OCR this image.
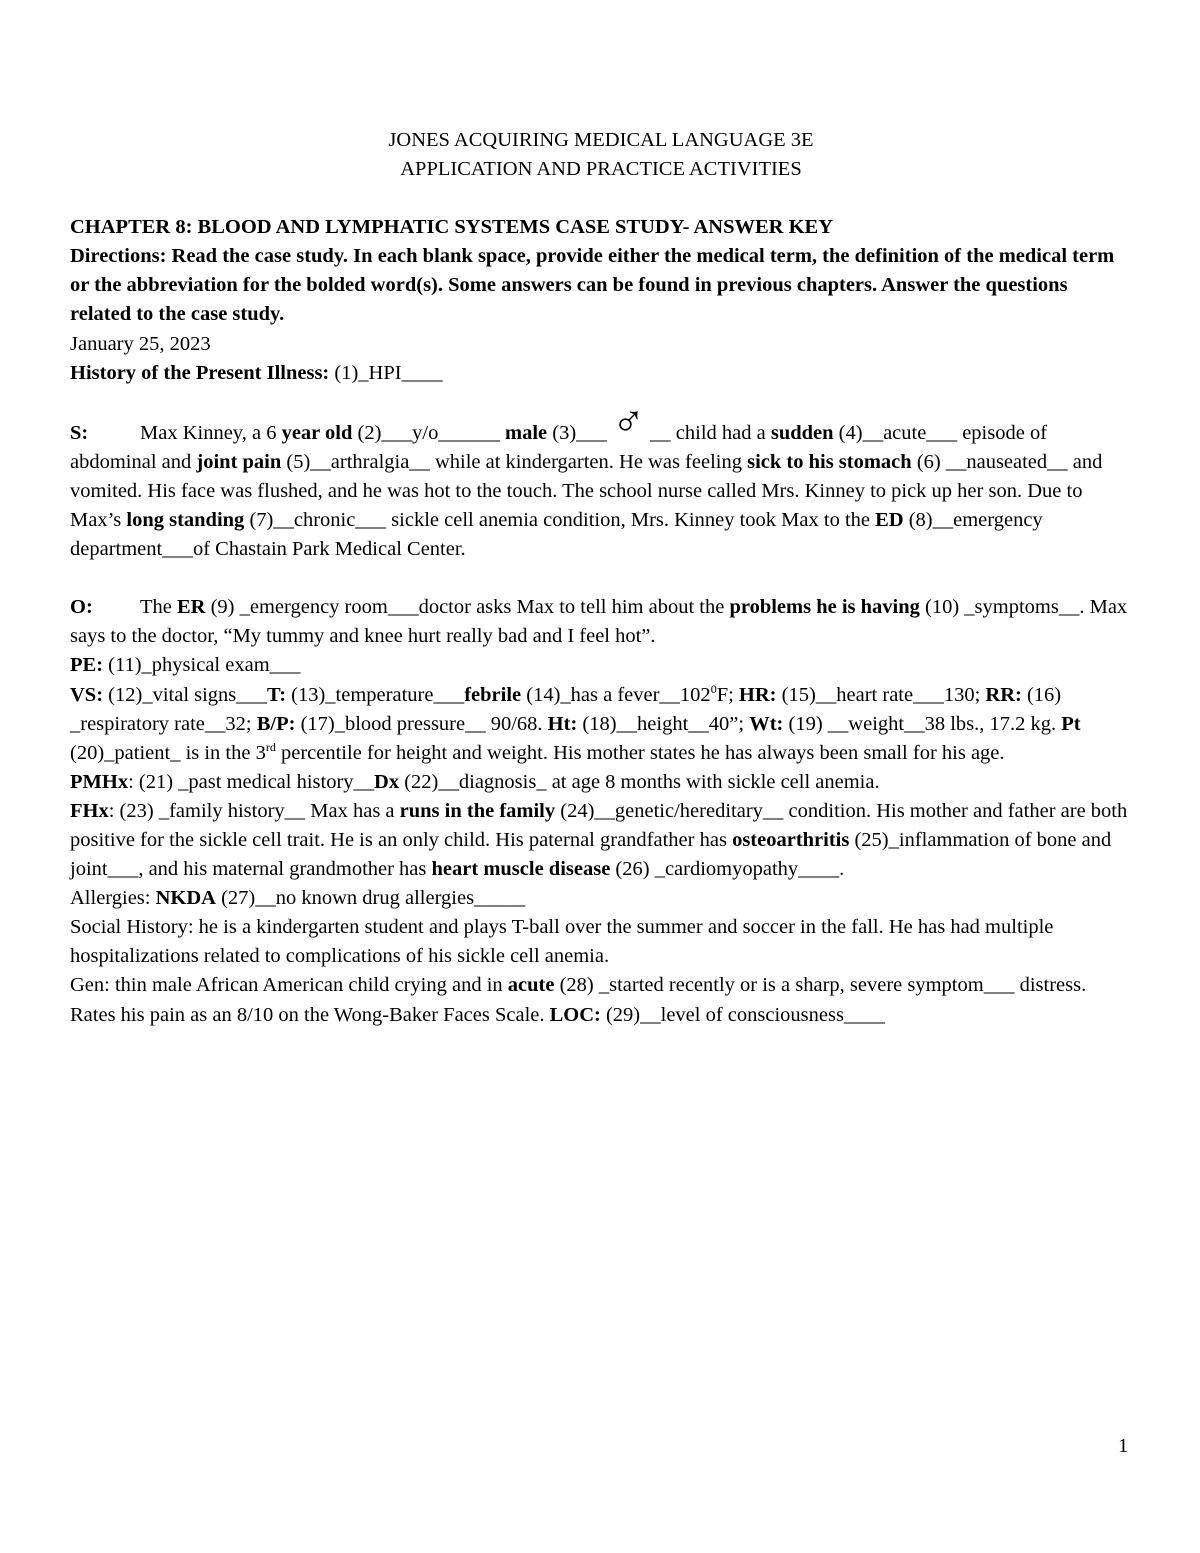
JONES ACQUIRING MEDICAL LANGUAGE 3E

APPLICATION AND PRACTICE ACTIVITIES

CHAPTER 8: BLOOD AND LYMPHATIC SYSTEMS CASE STUDY- ANSWER KEY

Directions: Read the case study. In each blank space, provide either the medical term, the definition of the medical term or the abbreviation for the bolded word(s). Some answers can be found in previous chapters. Answer the questions related to the case study.

January 25, 2023

History of the Present Illness: (1)_HPI____

S:	Max Kinney, a 6 year old (2)___y/o______ male (3)___ ♂ __ child had a sudden (4)__acute___ episode of abdominal and joint pain (5)__arthralgia__ while at kindergarten. He was feeling sick to his stomach (6) __nauseated__ and vomited. His face was flushed, and he was hot to the touch. The school nurse called Mrs. Kinney to pick up her son. Due to Max’s long standing (7)__chronic___ sickle cell anemia condition, Mrs. Kinney took Max to the ED (8)__emergency department___of Chastain Park Medical Center.

O: The ER (9) _emergency room___doctor asks Max to tell him about the problems he is having (10) _symptoms__. Max says to the doctor, “My tummy and knee hurt really bad and I feel hot”.

PE: (11)_physical exam___

VS: (12)_vital signs___T: (13)_temperature___febrile (14)_has a $fever\_\_102^0F$; HR: (15)__heart rate___130; RR: (16) _respiratory rate__32; B/P: (17)_blood pressure__ 90/68. Ht: (18)__height__40”; Wt: (19) __weight__38 lbs., 17.2 kg. Pt (20)_patient_ is in the 3rd percentile for height and weight. His mother states he has always been small for his age.

PMHx: (21) _past medical history__Dx (22)__diagnosis_ at age 8 months with sickle cell anemia.

FHx: (23) _family history__ Max has a runs in the family (24)__genetic/hereditary__ condition. His mother and father are both positive for the sickle cell trait. He is an only child. His paternal grandfather has osteoarthritis (25)_inflammation of bone and joint___, and his maternal grandmother has heart muscle disease (26) _cardiomyopathy____.

Allergies: NKDA (27)__no known drug allergies_____

Social History: he is a kindergarten student and plays T-ball over the summer and soccer in the fall. He has had multiple hospitalizations related to complications of his sickle cell anemia.

Gen: thin male African American child crying and in acute (28) _started recently or is a sharp, severe symptom___ distress. Rates his pain as an 8/10 on the Wong-Baker Faces Scale. LOC: (29)__level of consciousness____

1
